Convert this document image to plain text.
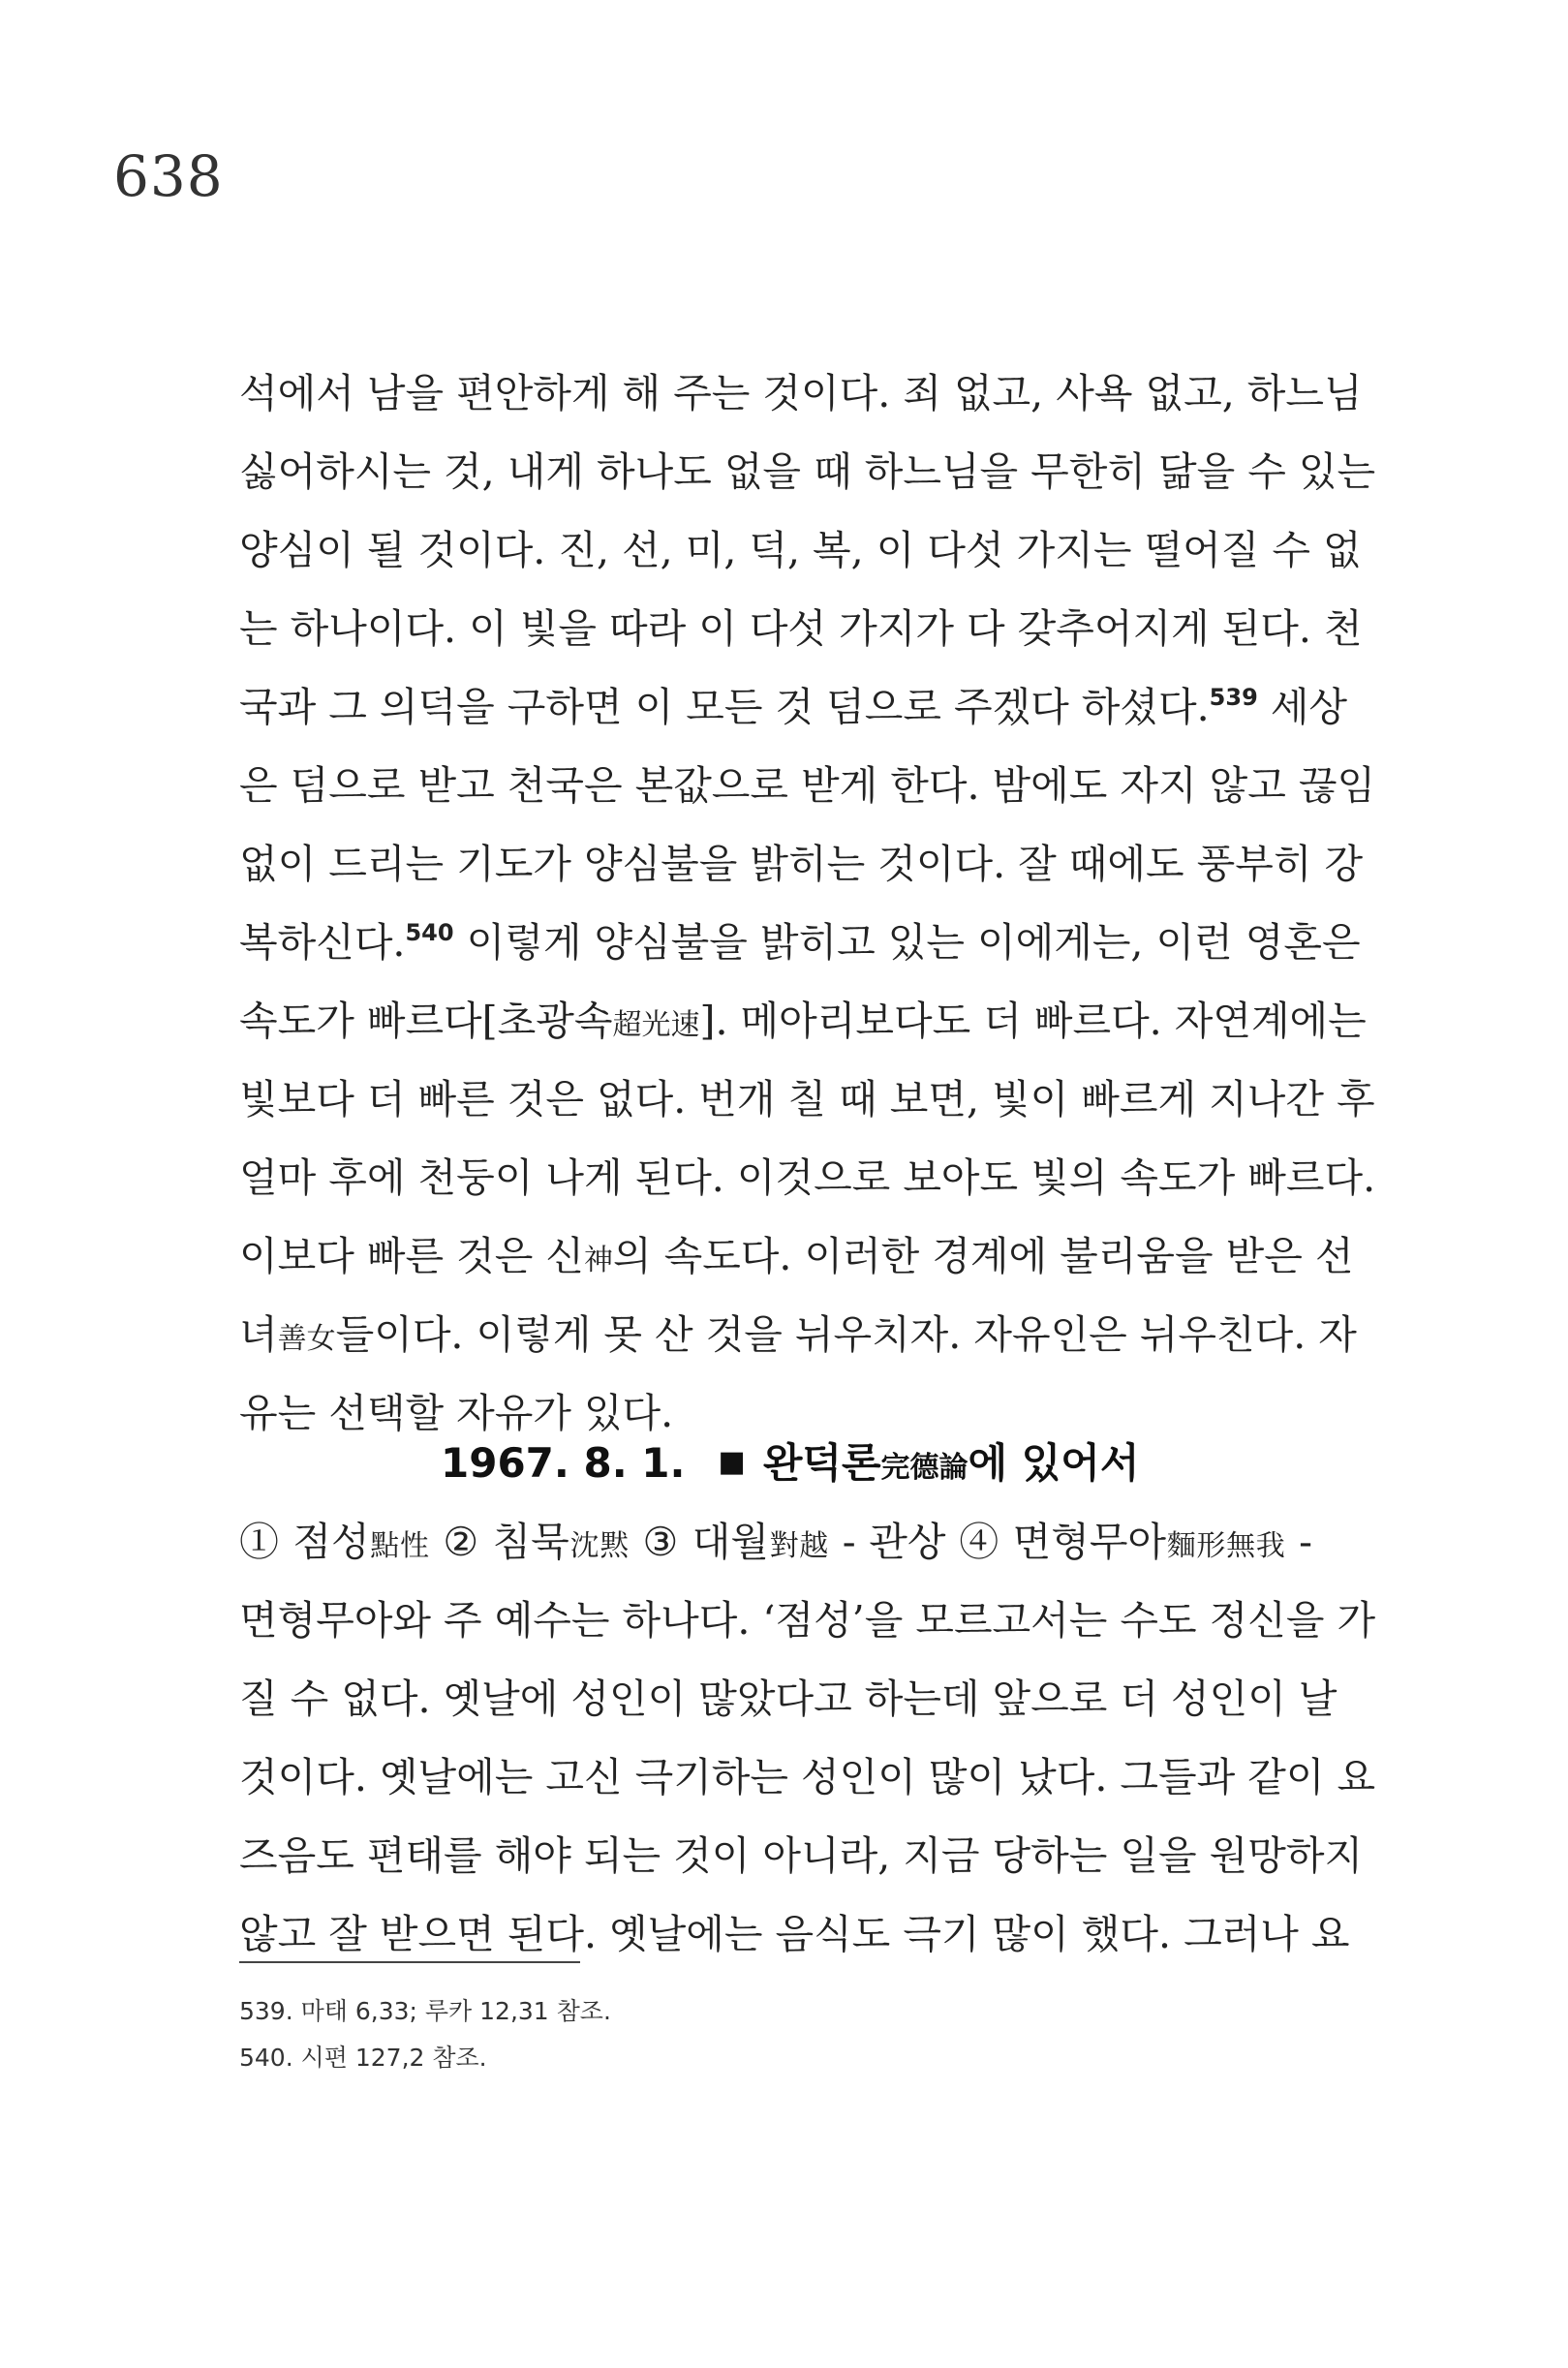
638
석에서 남을 편안하게 해 주는 것이다. 죄 없고, 사욕 없고, 하느님
싫어하시는 것, 내게 하나도 없을 때 하느님을 무한히 닮을 수 있는
양심이 될 것이다. 진, 선, 미, 덕, 복, 이 다섯 가지는 떨어질 수 없
는 하나이다. 이 빛을 따라 이 다섯 가지가 다 갖추어지게 된다. 천
국과 그 의덕을 구하면 이 모든 것 덤으로 주겠다 하셨다.$^{539}$ 세상
은 덤으로 받고 천국은 본값으로 받게 한다. 밤에도 자지 않고 끊임
없이 드리는 기도가 양심불을 밝히는 것이다. 잘 때에도 풍부히 강
복하신다.$^{540}$ 이렇게 양심불을 밝히고 있는 이에게는, 이런 영혼은
속도가 빠르다[초광속超光速]. 메아리보다도 더 빠르다. 자연계에는
빛보다 더 빠른 것은 없다. 번개 칠 때 보면, 빛이 빠르게 지나간 후
얼마 후에 천둥이 나게 된다. 이것으로 보아도 빛의 속도가 빠르다.
이보다 빠른 것은 신神의 속도다. 이러한 경계에 불리움을 받은 선
녀善女들이다. 이렇게 못 산 것을 뉘우치자. 자유인은 뉘우친다. 자
유는 선택할 자유가 있다.
1967. 8. 1. ■ 완덕론完德論에 있어서
① 점성點性 ② 침묵沈黙 ③ 대월對越 - 관상 ④ 면형무아麵形無我 -
면형무아와 주 예수는 하나다. ‘점성’을 모르고서는 수도 정신을 가
질 수 없다. 옛날에 성인이 많았다고 하는데 앞으로 더 성인이 날
것이다. 옛날에는 고신 극기하는 성인이 많이 났다. 그들과 같이 요
즈음도 편태를 해야 되는 것이 아니라, 지금 당하는 일을 원망하지
않고 잘 받으면 된다. 옛날에는 음식도 극기 많이 했다. 그러나 요
539. 마태 6,33; 루카 12,31 참조.
540. 시편 127,2 참조.
